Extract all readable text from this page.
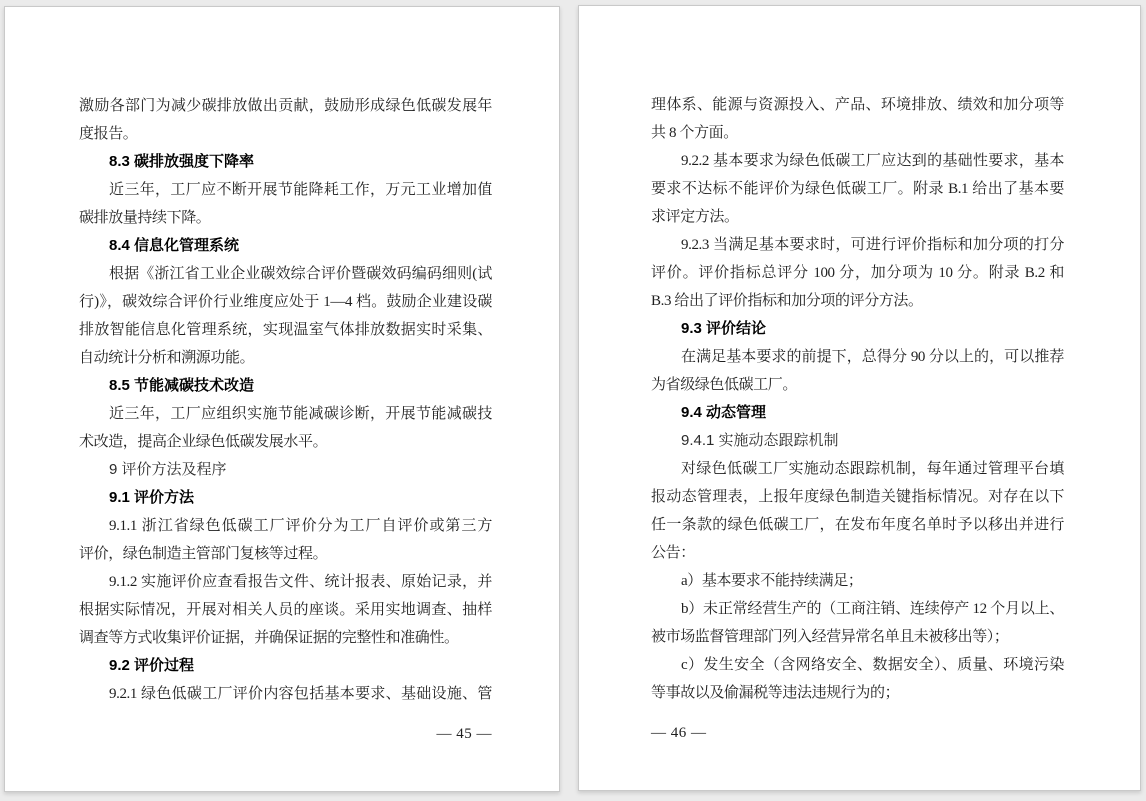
激励各部门为减少碳排放做出贡献，鼓励形成绿色低碳发展年
度报告。
8.3 碳排放强度下降率
近三年，工厂应不断开展节能降耗工作，万元工业增加值
碳排放量持续下降。
8.4 信息化管理系统
根据《浙江省工业企业碳效综合评价暨碳效码编码细则(试
行)》，碳效综合评价行业维度应处于 1—4 档。鼓励企业建设碳
排放智能信息化管理系统，实现温室气体排放数据实时采集、
自动统计分析和溯源功能。
8.5 节能减碳技术改造
近三年，工厂应组织实施节能减碳诊断，开展节能减碳技
术改造，提高企业绿色低碳发展水平。
9 评价方法及程序
9.1 评价方法
9.1.1 浙江省绿色低碳工厂评价分为工厂自评价或第三方
评价，绿色制造主管部门复核等过程。
9.1.2 实施评价应查看报告文件、统计报表、原始记录，并
根据实际情况，开展对相关人员的座谈。采用实地调查、抽样
调查等方式收集评价证据，并确保证据的完整性和准确性。
9.2 评价过程
9.2.1 绿色低碳工厂评价内容包括基本要求、基础设施、管
— 45 —
理体系、能源与资源投入、产品、环境排放、绩效和加分项等
共 8 个方面。
9.2.2 基本要求为绿色低碳工厂应达到的基础性要求，基本
要求不达标不能评价为绿色低碳工厂。附录 B.1 给出了基本要
求评定方法。
9.2.3 当满足基本要求时，可进行评价指标和加分项的打分
评价。评价指标总评分 100 分，加分项为 10 分。附录 B.2 和
B.3 给出了评价指标和加分项的评分方法。
9.3 评价结论
在满足基本要求的前提下，总得分 90 分以上的，可以推荐
为省级绿色低碳工厂。
9.4 动态管理
9.4.1 实施动态跟踪机制
对绿色低碳工厂实施动态跟踪机制，每年通过管理平台填
报动态管理表，上报年度绿色制造关键指标情况。对存在以下
任一条款的绿色低碳工厂，在发布年度名单时予以移出并进行
公告：
a）基本要求不能持续满足；
b）未正常经营生产的（工商注销、连续停产 12 个月以上、
被市场监督管理部门列入经营异常名单且未被移出等）；
c）发生安全（含网络安全、数据安全）、质量、环境污染
等事故以及偷漏税等违法违规行为的；
— 46 —
